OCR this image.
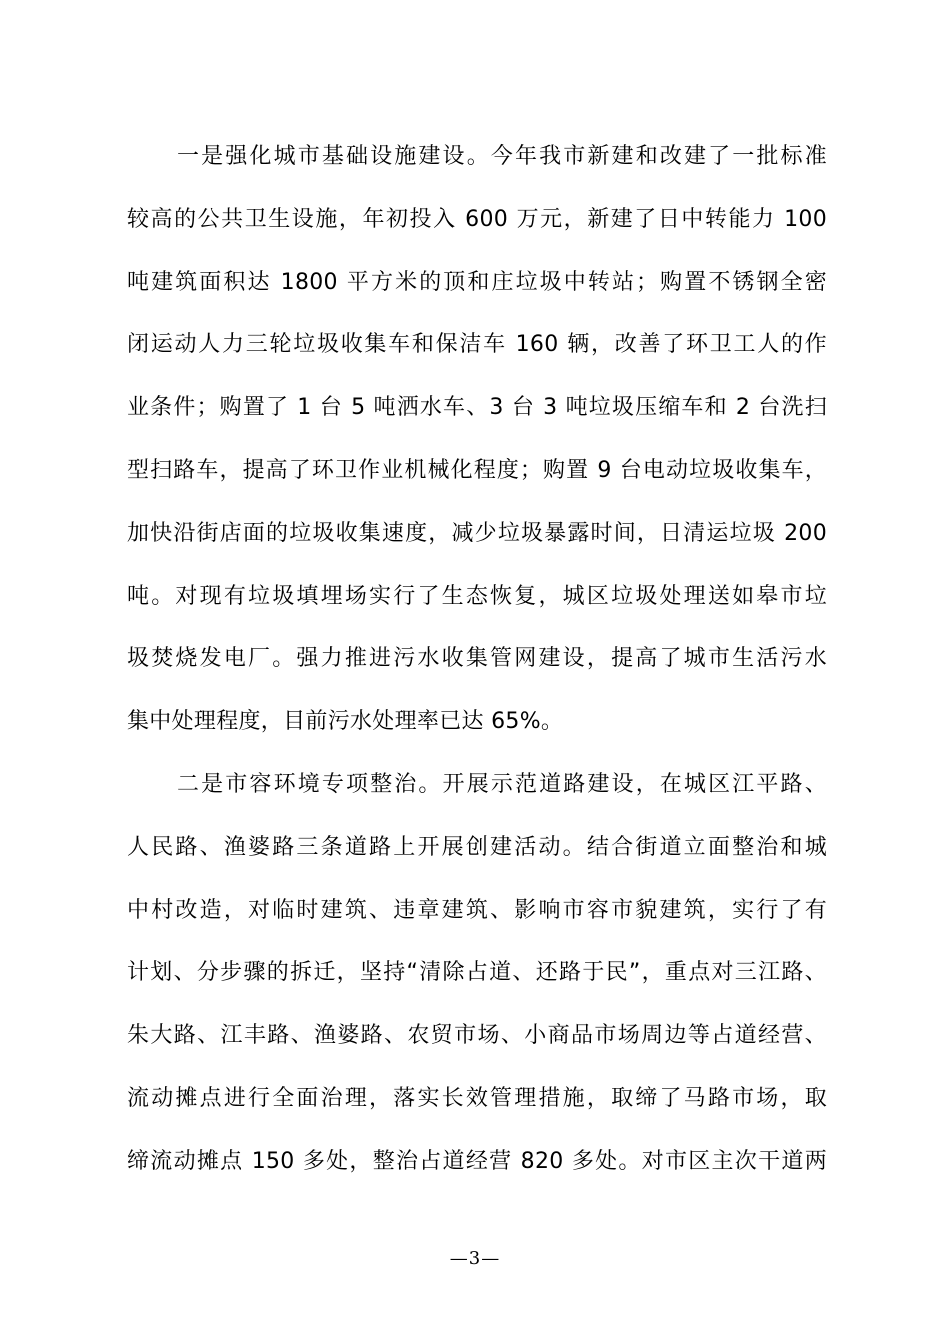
一是强化城市基础设施建设。今年我市新建和改建了一批标准
较高的公共卫生设施，年初投入 600 万元，新建了日中转能力 100
吨建筑面积达 1800 平方米的顶和庄垃圾中转站；购置不锈钢全密
闭运动人力三轮垃圾收集车和保洁车 160 辆，改善了环卫工人的作
业条件；购置了 1 台 5 吨洒水车、3 台 3 吨垃圾压缩车和 2 台洗扫
型扫路车，提高了环卫作业机械化程度；购置 9 台电动垃圾收集车，
加快沿街店面的垃圾收集速度，减少垃圾暴露时间，日清运垃圾 200
吨。对现有垃圾填埋场实行了生态恢复，城区垃圾处理送如皋市垃
圾焚烧发电厂。强力推进污水收集管网建设，提高了城市生活污水
集中处理程度，目前污水处理率已达 65%。
二是市容环境专项整治。开展示范道路建设，在城区江平路、
人民路、渔婆路三条道路上开展创建活动。结合街道立面整治和城
中村改造，对临时建筑、违章建筑、影响市容市貌建筑，实行了有
计划、分步骤的拆迁，坚持“清除占道、还路于民”，重点对三江路、
朱大路、江丰路、渔婆路、农贸市场、小商品市场周边等占道经营、
流动摊点进行全面治理，落实长效管理措施，取缔了马路市场，取
缔流动摊点 150 多处，整治占道经营 820 多处。对市区主次干道两
—3—
